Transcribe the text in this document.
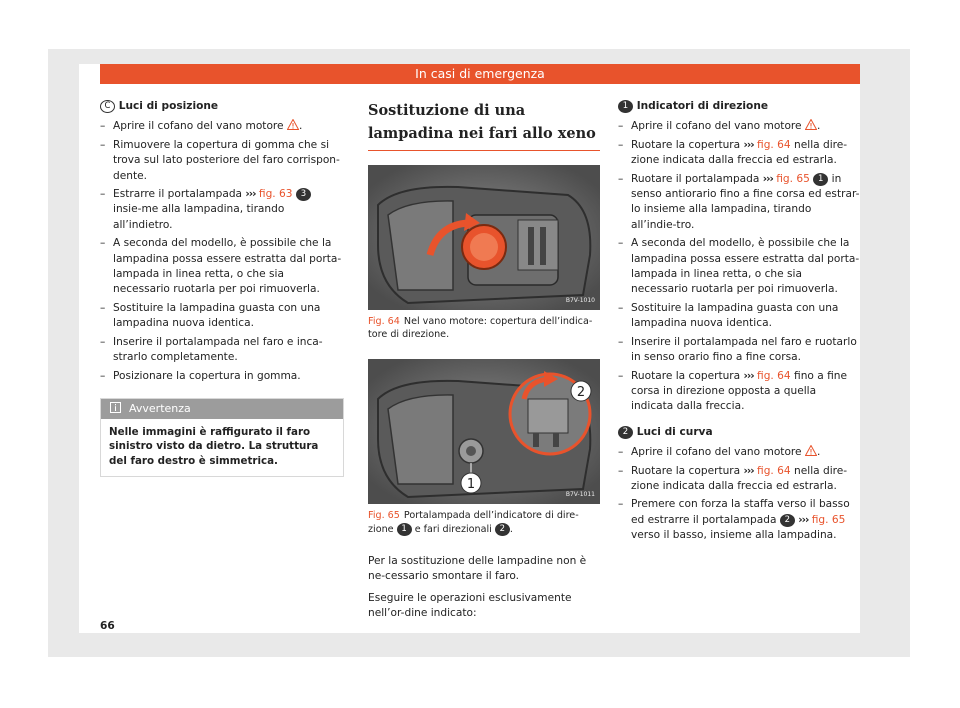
In casi di emergenza
C Luci di posizione
– Aprire il cofano del vano motore .
– Rimuovere la copertura di gomma che si trova sul lato posteriore del faro corrispon-dente.
– Estrarre il portalampada ››› fig. 63 3 insie-me alla lampadina, tirando all’indietro.
– A seconda del modello, è possibile che la lampadina possa essere estratta dal porta-lampada in linea retta, o che sia necessario ruotarla per poi rimuoverla.
– Sostituire la lampadina guasta con una lampadina nuova identica.
– Inserire il portalampada nel faro e inca-strarlo completamente.
– Posizionare la copertura in gomma.
Avvertenza
Nelle immagini è raffigurato il faro sinistro visto da dietro. La struttura del faro destro è simmetrica.
Sostituzione di una lampadina nei fari allo xeno
B7V-1010
Fig. 64 Nel vano motore: copertura dell’indica-tore di direzione.
2
1
B7V-1011
Fig. 65 Portalampada dell’indicatore di dire-zione 1 e fari direzionali 2 .

Per la sostituzione delle lampadine non è ne-cessario smontare il faro.

Eseguire le operazioni esclusivamente nell’or-dine indicato:

1 Indicatori di direzione
– Aprire il cofano del vano motore .
– Ruotare la copertura ››› fig. 64 nella dire-zione indicata dalla freccia ed estrarla.
– Ruotare il portalampada ››› fig. 65 1 in senso antiorario fino a fine corsa ed estrar-lo insieme alla lampadina, tirando all’indie-tro.
– A seconda del modello, è possibile che la lampadina possa essere estratta dal porta-lampada in linea retta, o che sia necessario ruotarla per poi rimuoverla.
– Sostituire la lampadina guasta con una lampadina nuova identica.
– Inserire il portalampada nel faro e ruotarlo in senso orario fino a fine corsa.
– Ruotare la copertura ››› fig. 64 fino a fine corsa in direzione opposta a quella indicata dalla freccia.
2 Luci di curva
– Aprire il cofano del vano motore .
– Ruotare la copertura ››› fig. 64 nella dire-zione indicata dalla freccia ed estrarla.
– Premere con forza la staffa verso il basso ed estrarre il portalampada 2 ››› fig. 65 verso il basso, insieme alla lampadina.
66
